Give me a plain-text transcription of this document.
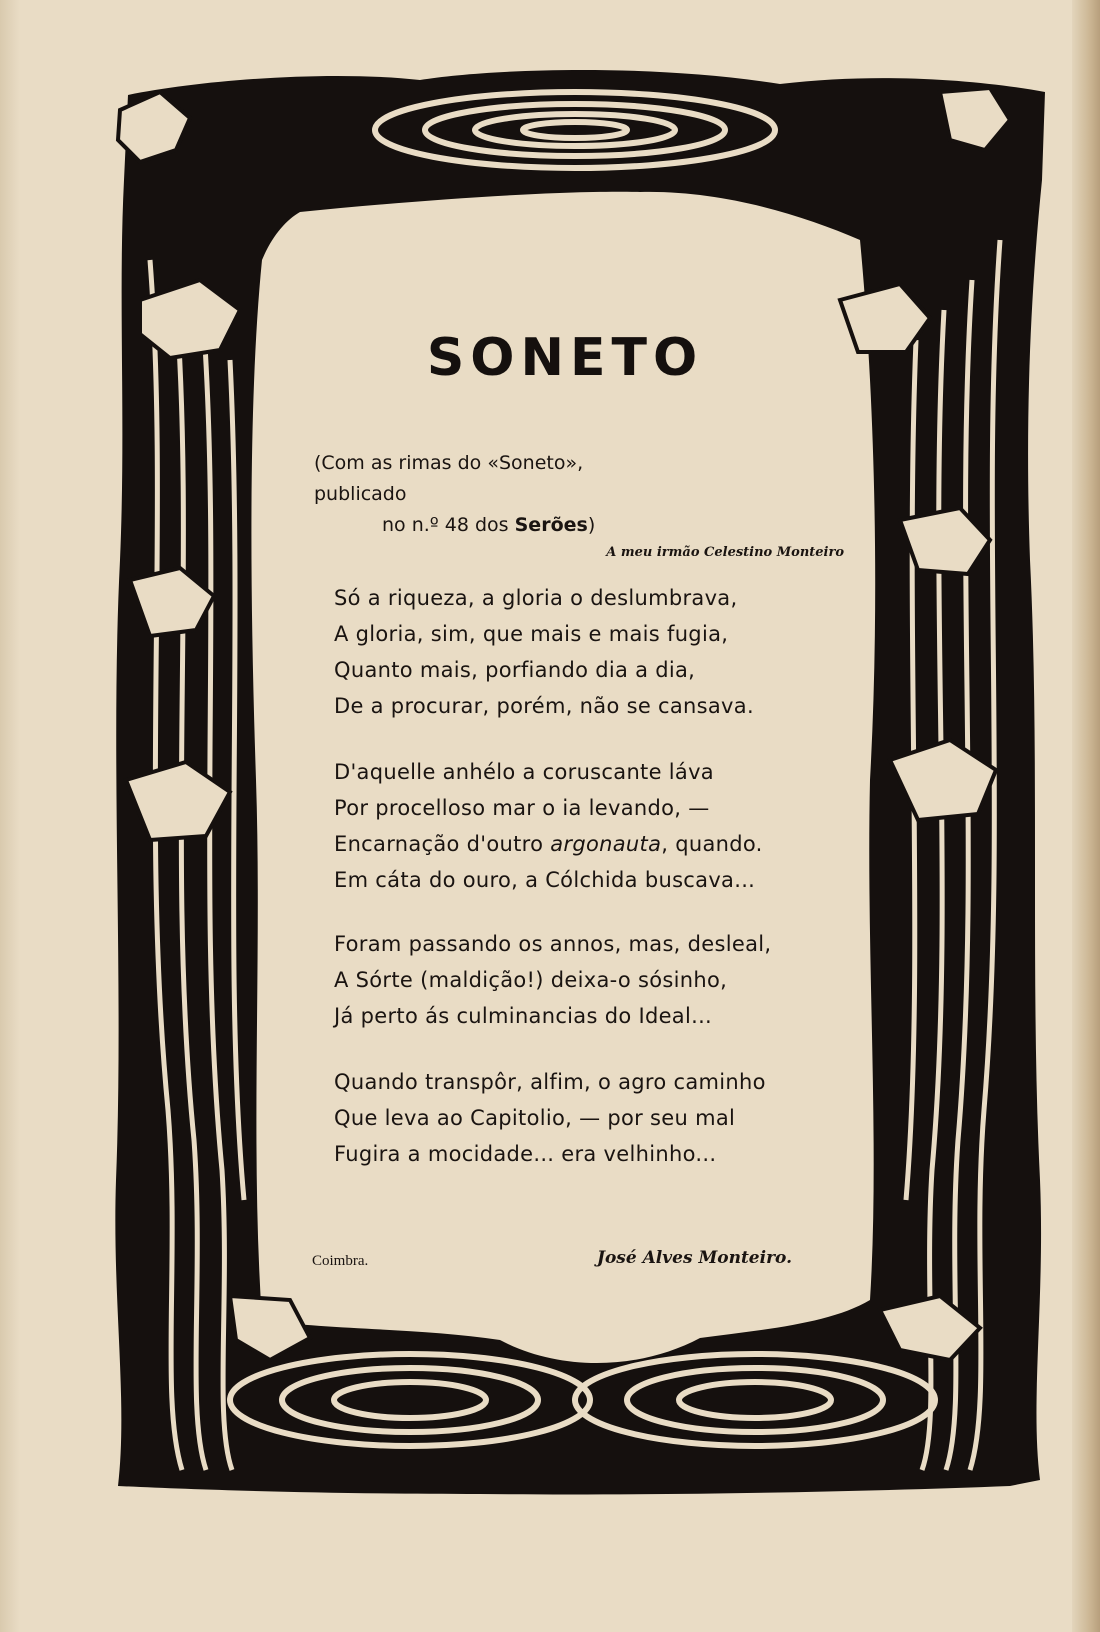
SONETO
(Com as rimas do «Soneto», publicado
no n.º 48 dos Serões)
A meu irmão Celestino Monteiro
Só a riqueza, a gloria o deslumbrava,
A gloria, sim, que mais e mais fugia,
Quanto mais, porfiando dia a dia,
De a procurar, porém, não se cansava.
D'aquelle anhélo a coruscante láva
Por procelloso mar o ia levando, —
Encarnação d'outro argonauta, quando.
Em cáta do ouro, a Cólchida buscava...
Foram passando os annos, mas, desleal,
A Sórte (maldição!) deixa-o sósinho,
Já perto ás culminancias do Ideal...
Quando transpôr, alfim, o agro caminho
Que leva ao Capitolio, — por seu mal
Fugira a mocidade... era velhinho...
Coimbra.	José Alves Monteiro.
